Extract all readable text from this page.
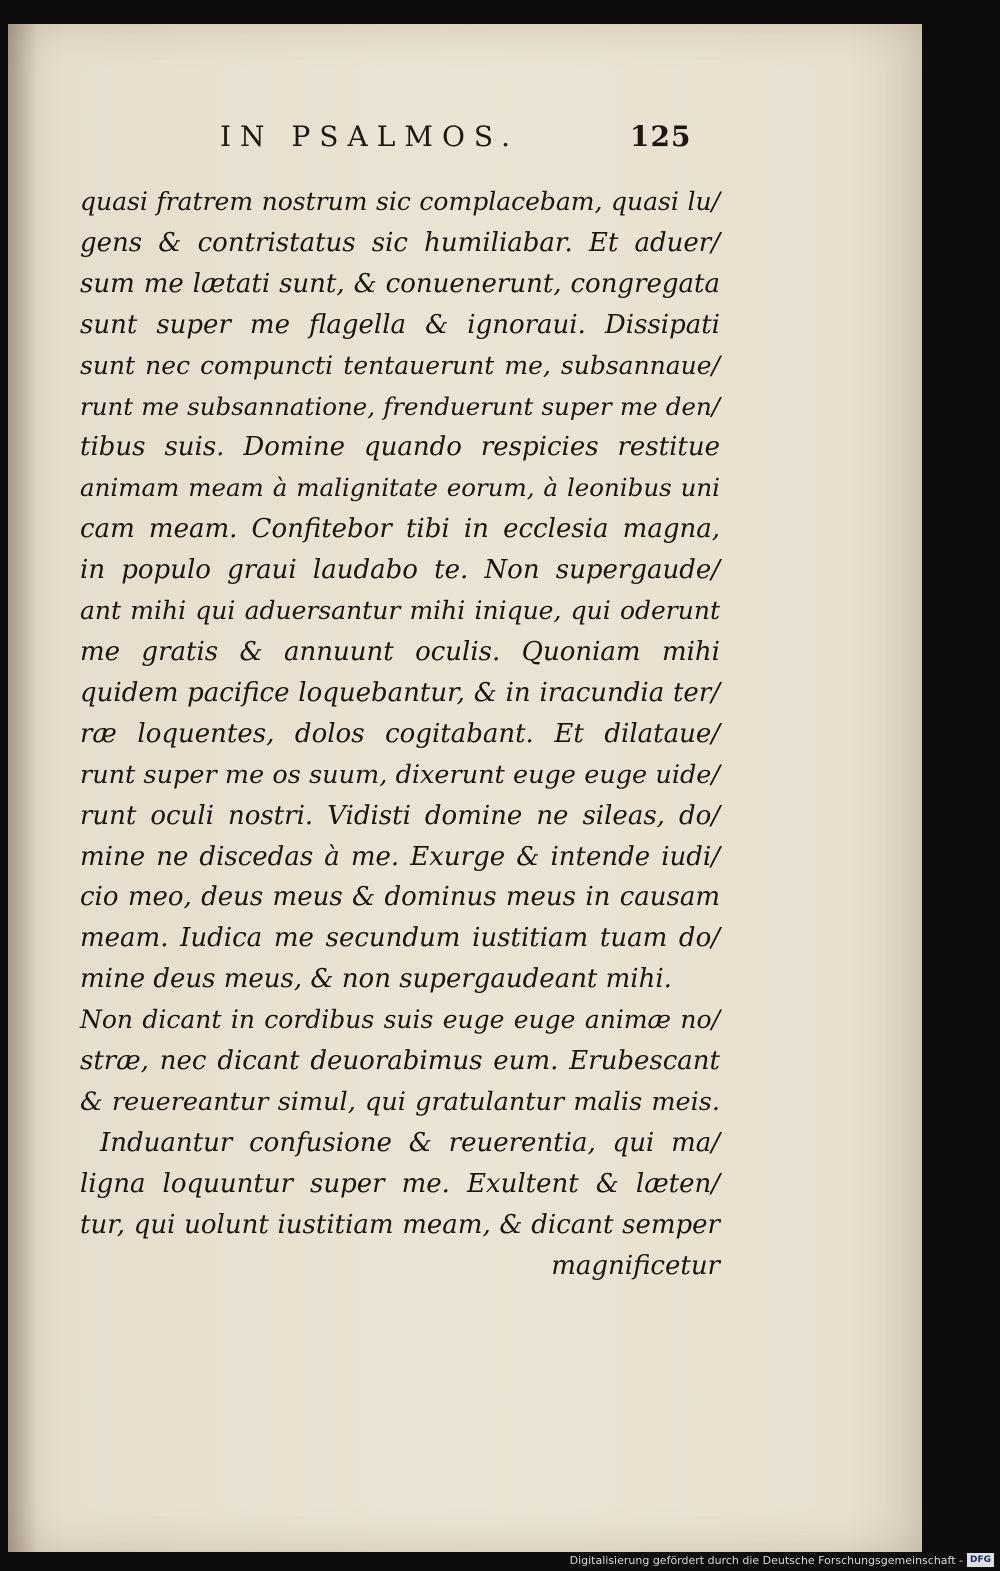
IN PSALMOS.	125
quasi fratrem nostrum sic complacebam, quasi lu/
gens & contristatus sic humiliabar. Et aduer/
sum me lætati sunt, & conuenerunt, congregata
sunt super me flagella & ignoraui. Dissipati
sunt nec compuncti tentauerunt me, subsannaue/
runt me subsannatione, frenduerunt super me den/
tibus suis. Domine quando respicies restitue
animam meam à malignitate eorum, à leonibus uni
cam meam. Confitebor tibi in ecclesia magna,
in populo graui laudabo te. Non supergaude/
ant mihi qui aduersantur mihi inique, qui oderunt
me gratis & annuunt oculis. Quoniam mihi
quidem pacifice loquebantur, & in iracundia ter/
ræ loquentes, dolos cogitabant. Et dilataue/
runt super me os suum, dixerunt euge euge uide/
runt oculi nostri. Vidisti domine ne sileas, do/
mine ne discedas à me. Exurge & intende iudi/
cio meo, deus meus & dominus meus in causam
meam. Iudica me secundum iustitiam tuam do/
mine deus meus, & non supergaudeant mihi.
Non dicant in cordibus suis euge euge animæ no/
stræ, nec dicant deuorabimus eum. Erubescant
& reuereantur simul, qui gratulantur malis meis.
Induantur confusione & reuerentia, qui ma/
ligna loquuntur super me. Exultent & læten/
tur, qui uolunt iustitiam meam, & dicant semper
magnificetur
Digitalisierung gefördert durch die Deutsche Forschungsgemeinschaft - DFG
